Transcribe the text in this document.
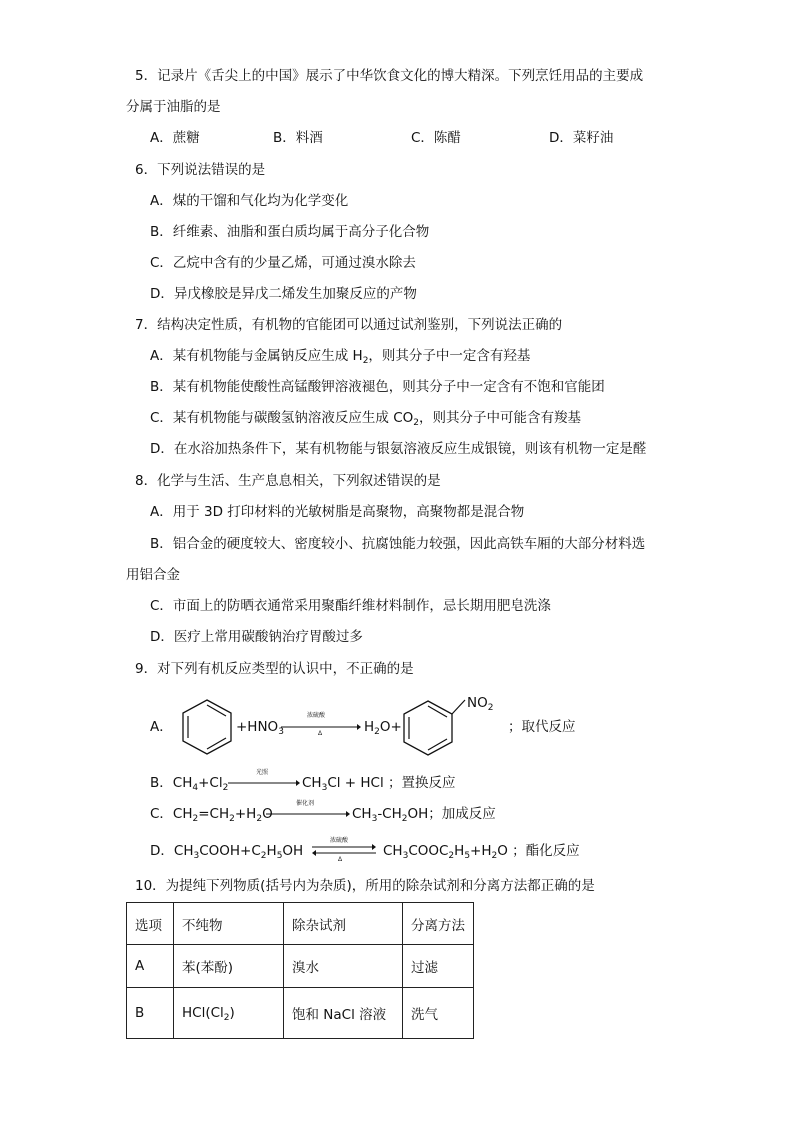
5．记录片《舌尖上的中国》展示了中华饮食文化的博大精深。下列烹饪用品的主要成
分属于油脂的是
A．蔗糖	B．料酒	C．陈醋	D．菜籽油
6．下列说法错误的是
A．煤的干馏和气化均为化学变化
B．纤维素、油脂和蛋白质均属于高分子化合物
C．乙烷中含有的少量乙烯，可通过溴水除去
D．异戊橡胶是异戊二烯发生加聚反应的产物
7．结构决定性质，有机物的官能团可以通过试剂鉴别，下列说法正确的
A．某有机物能与金属钠反应生成 $H_2$，则其分子中一定含有羟基
B．某有机物能使酸性高锰酸钾溶液褪色，则其分子中一定含有不饱和官能团
C．某有机物能与碳酸氢钠溶液反应生成 $CO_2$，则其分子中可能含有羧基
D．在水浴加热条件下，某有机物能与银氨溶液反应生成银镜，则该有机物一定是醛
8．化学与生活、生产息息相关，下列叙述错误的是
A．用于 3D 打印材料的光敏树脂是高聚物，高聚物都是混合物
B．铝合金的硬度较大、密度较小、抗腐蚀能力较强，因此高铁车厢的大部分材料选
用铝合金
C．市面上的防晒衣通常采用聚酯纤维材料制作，忌长期用肥皂洗涤
D．医疗上常用碳酸钠治疗胃酸过多
9．对下列有机反应类型的认识中，不正确的是
A．	$+HNO_3$
浓硫酸
Δ	$H_2O+$
$NO_2$
；取代反应
B．$CH_4+Cl_2$
光照
$CH_3Cl$ + HCl ；置换反应
C．$CH_2=CH_2+H_2O$
催化剂
$CH_3-CH_2OH$；加成反应
D．$CH_3COOH+C_2H_5OH$
浓硫酸
Δ
$CH_3COOC_2H_5+H_2O$ ；酯化反应
10．为提纯下列物质(括号内为杂质)，所用的除杂试剂和分离方法都正确的是
选项	不纯物	除杂试剂	分离方法
A	苯(苯酚)	溴水	过滤
B	$HCl(Cl_2)$	饱和 NaCl 溶液	洗气
